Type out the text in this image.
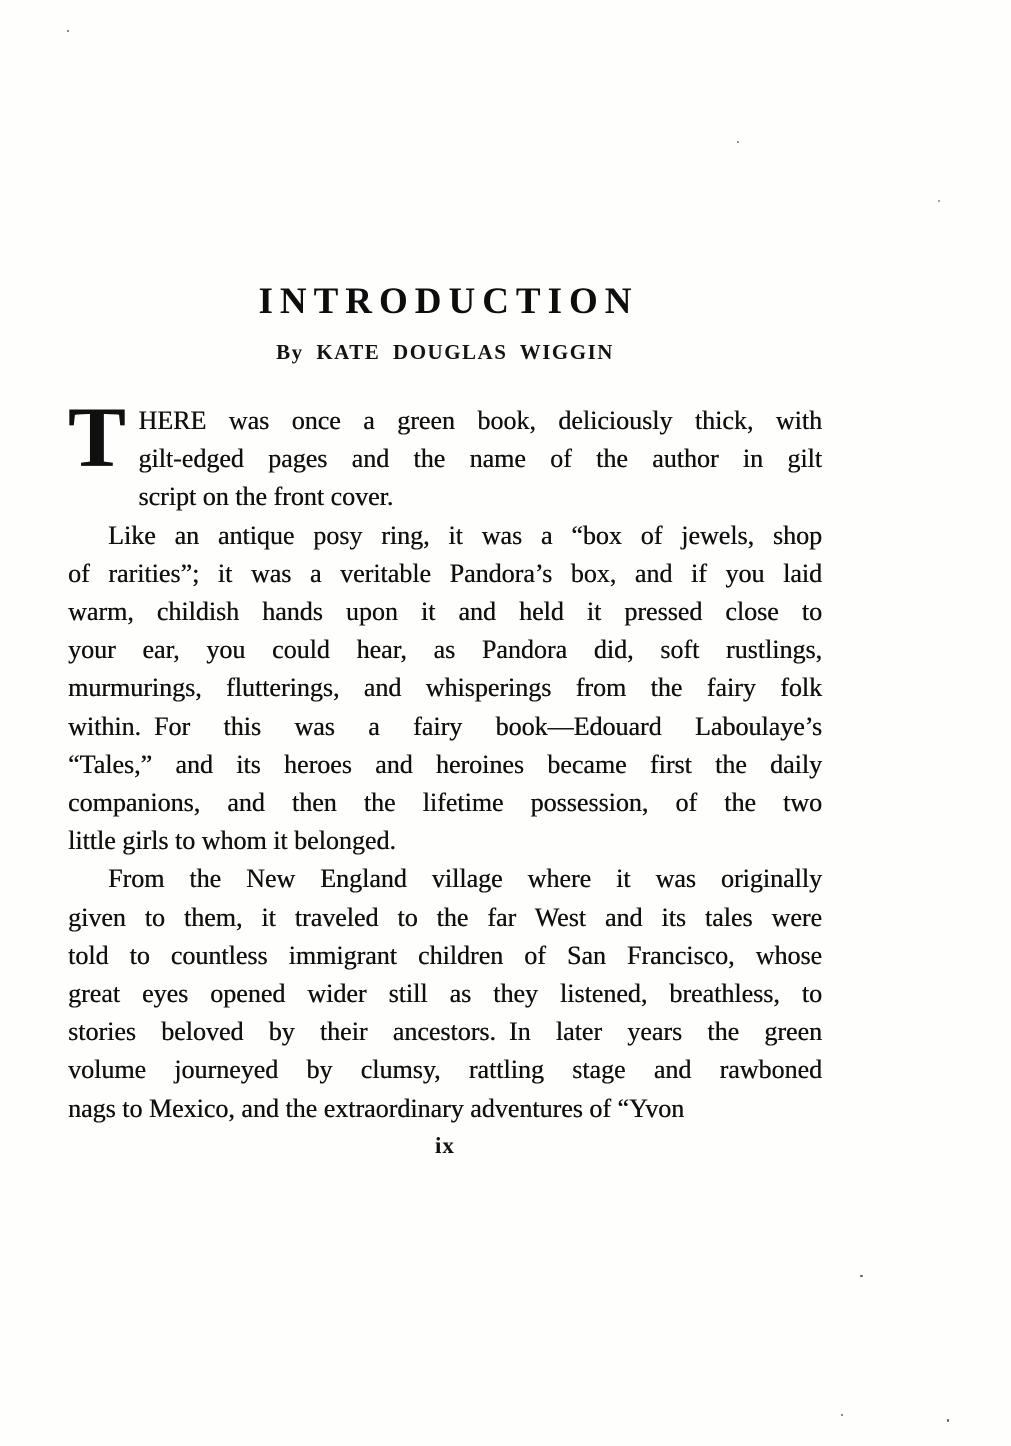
INTRODUCTION
By KATE DOUGLAS WIGGIN
T HERE was once a green book, deliciously thick, with
gilt-edged pages and the name of the author in gilt
script on the front cover.
Like an antique posy ring, it was a “box of jewels, shop
of rarities”; it was a veritable Pandora’s box, and if you laid
warm, childish hands upon it and held it pressed close to
your ear, you could hear, as Pandora did, soft rustlings,
murmurings, flutterings, and whisperings from the fairy folk
within. For this was a fairy book—Edouard Laboulaye’s
“Tales,” and its heroes and heroines became first the daily
companions, and then the lifetime possession, of the two
little girls to whom it belonged.
From the New England village where it was originally
given to them, it traveled to the far West and its tales were
told to countless immigrant children of San Francisco, whose
great eyes opened wider still as they listened, breathless, to
stories beloved by their ancestors. In later years the green
volume journeyed by clumsy, rattling stage and rawboned
nags to Mexico, and the extraordinary adventures of “Yvon
ix
